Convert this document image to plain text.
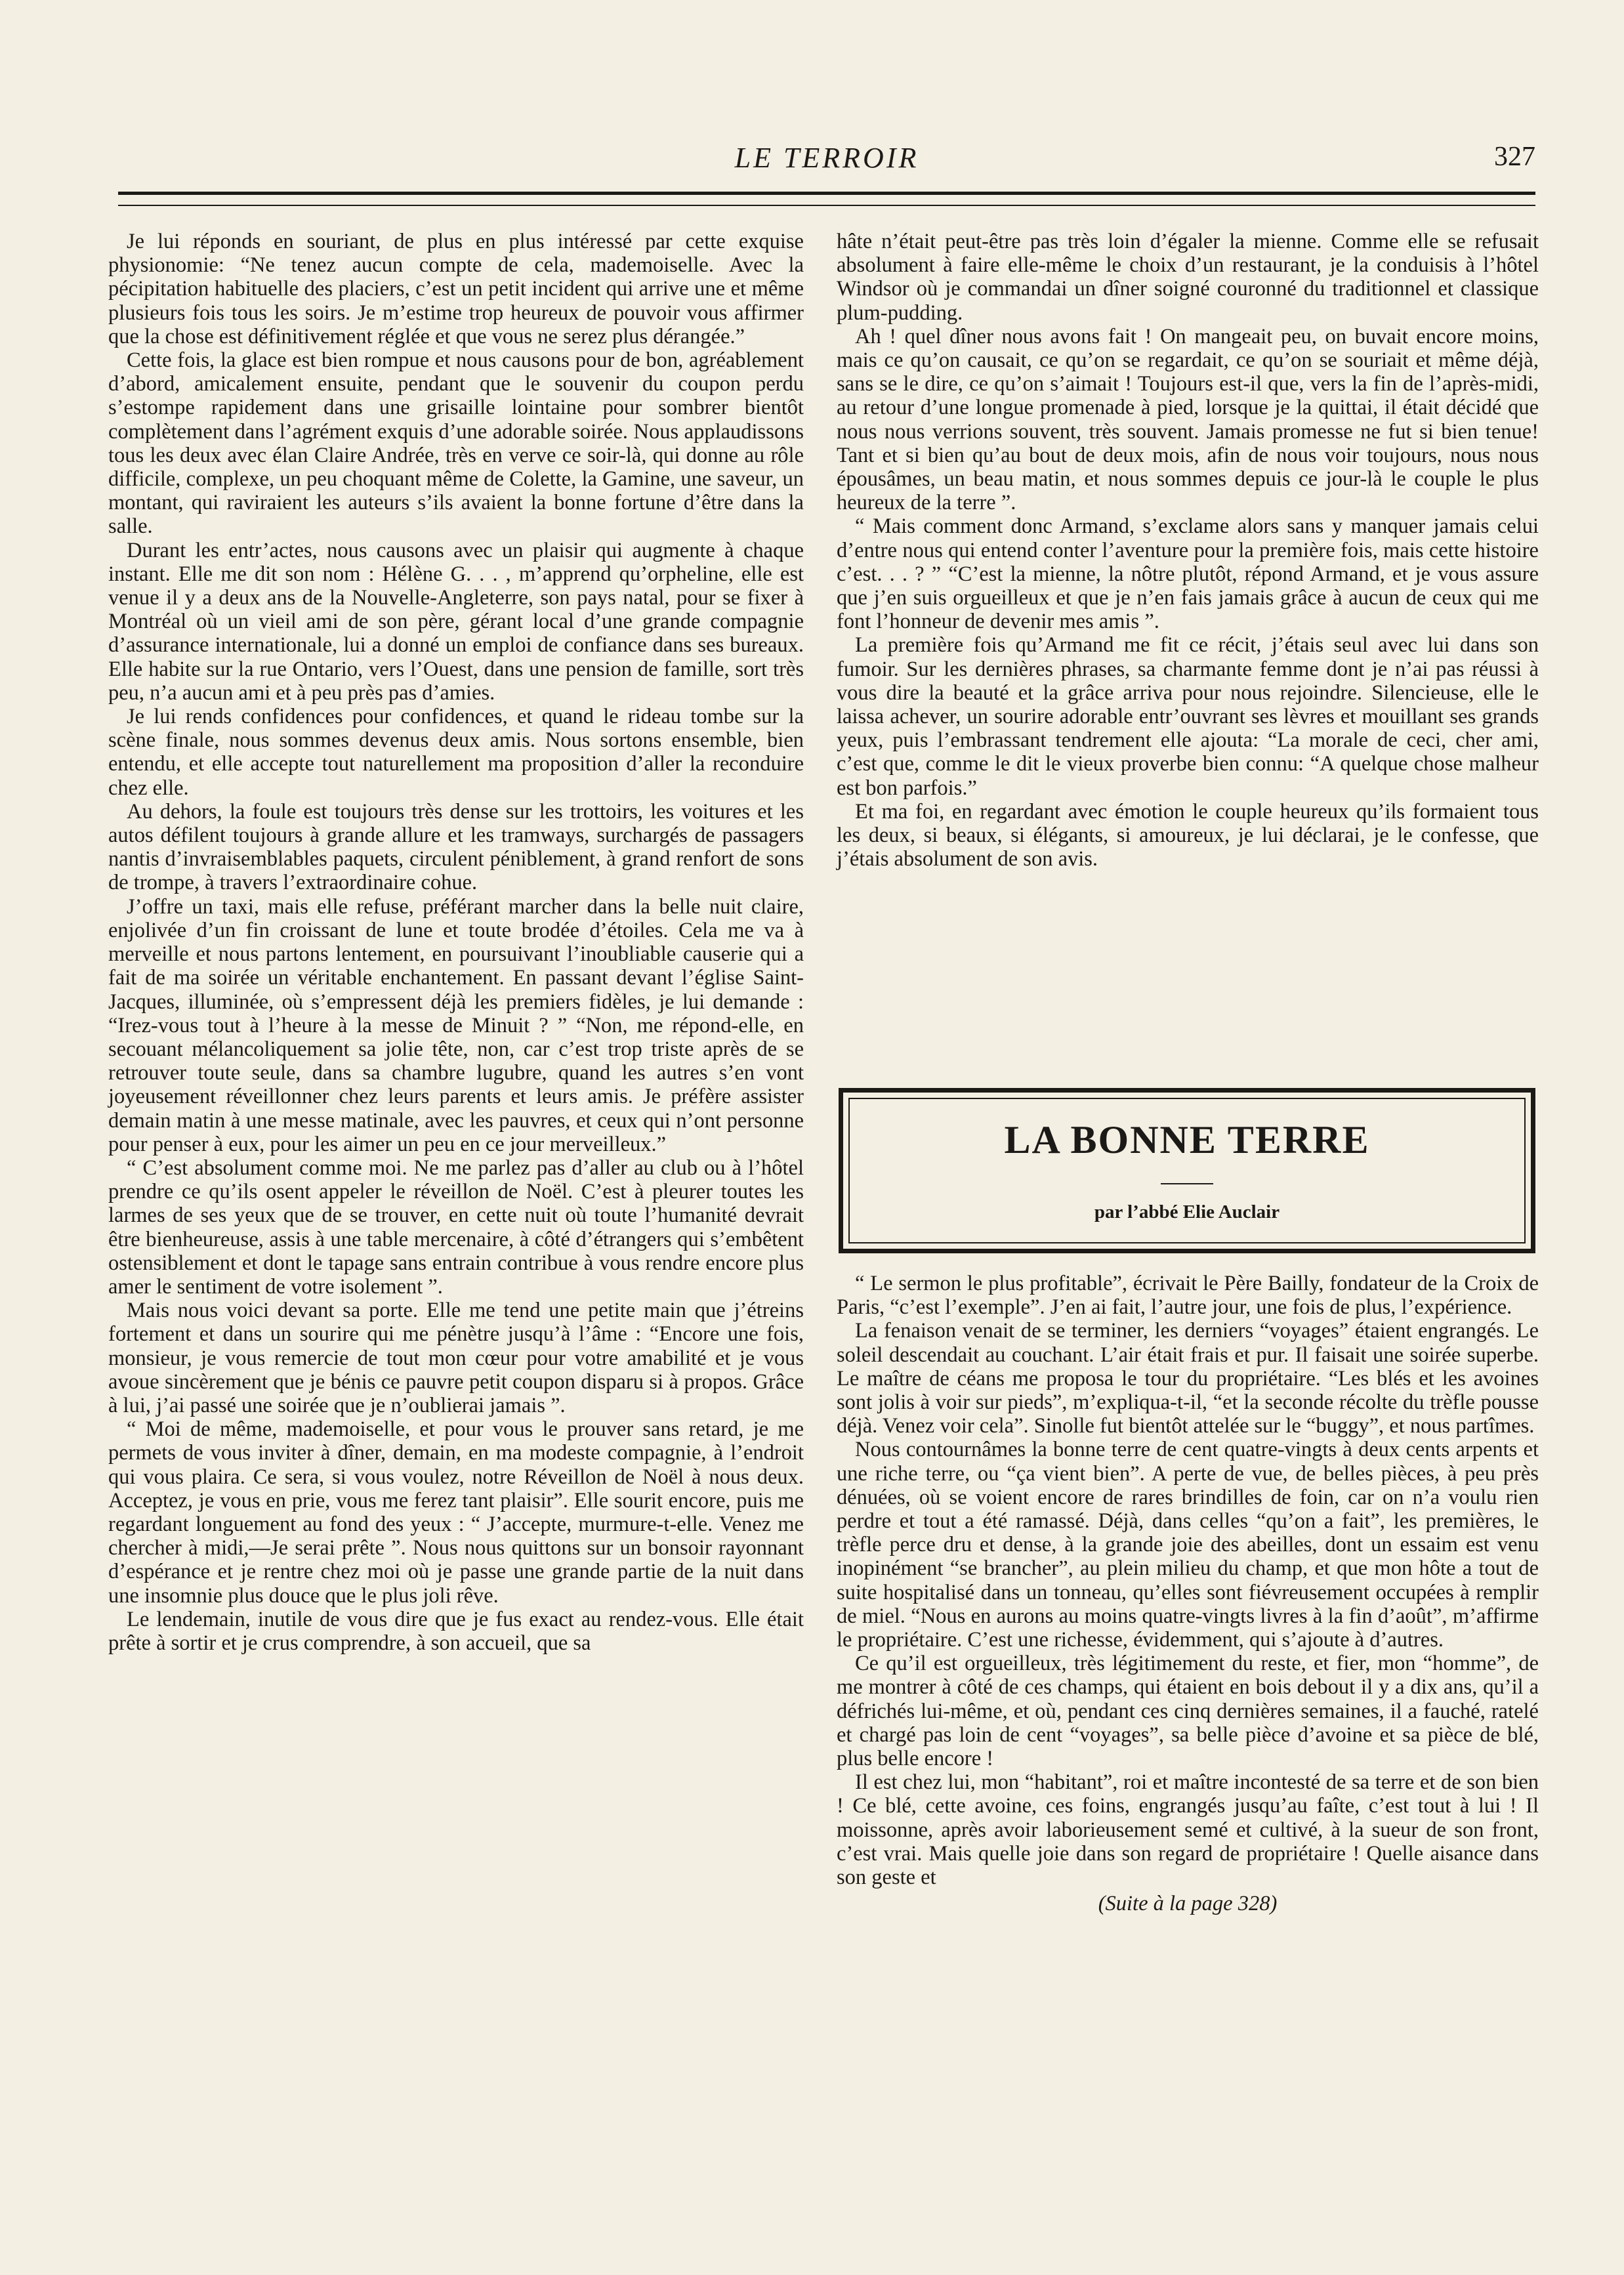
LE TERROIR	327

Je lui réponds en souriant, de plus en plus intéressé par cette exquise physionomie: “Ne tenez aucun compte de cela, mademoiselle. Avec la pécipitation habituelle des placiers, c’est un petit incident qui arrive une et même plusieurs fois tous les soirs. Je m’estime trop heureux de pouvoir vous affirmer que la chose est définitivement réglée et que vous ne serez plus dérangée.”

Cette fois, la glace est bien rompue et nous causons pour de bon, agréablement d’abord, amicalement ensuite, pendant que le souvenir du coupon perdu s’estompe rapidement dans une grisaille lointaine pour sombrer bientôt complètement dans l’agrément exquis d’une adorable soirée. Nous applaudissons tous les deux avec élan Claire Andrée, très en verve ce soir-là, qui donne au rôle difficile, complexe, un peu choquant même de Colette, la Gamine, une saveur, un montant, qui raviraient les auteurs s’ils avaient la bonne fortune d’être dans la salle.

Durant les entr’actes, nous causons avec un plaisir qui augmente à chaque instant. Elle me dit son nom : Hélène G. . . , m’apprend qu’orpheline, elle est venue il y a deux ans de la Nouvelle-Angleterre, son pays natal, pour se fixer à Montréal où un vieil ami de son père, gérant local d’une grande compagnie d’assurance internationale, lui a donné un emploi de confiance dans ses bureaux. Elle habite sur la rue Ontario, vers l’Ouest, dans une pension de famille, sort très peu, n’a aucun ami et à peu près pas d’amies.

Je lui rends confidences pour confidences, et quand le rideau tombe sur la scène finale, nous sommes devenus deux amis. Nous sortons ensemble, bien entendu, et elle accepte tout naturellement ma proposition d’aller la reconduire chez elle.

Au dehors, la foule est toujours très dense sur les trottoirs, les voitures et les autos défilent toujours à grande allure et les tramways, surchargés de passagers nantis d’invraisemblables paquets, circulent péniblement, à grand renfort de sons de trompe, à travers l’extraordinaire cohue.

J’offre un taxi, mais elle refuse, préférant marcher dans la belle nuit claire, enjolivée d’un fin croissant de lune et toute brodée d’étoiles. Cela me va à merveille et nous partons lentement, en poursuivant l’inoubliable causerie qui a fait de ma soirée un véritable enchantement. En passant devant l’église Saint-Jacques, illuminée, où s’empressent déjà les premiers fidèles, je lui demande : “Irez-vous tout à l’heure à la messe de Minuit ? ” “Non, me répond-elle, en secouant mélancoliquement sa jolie tête, non, car c’est trop triste après de se retrouver toute seule, dans sa chambre lugubre, quand les autres s’en vont joyeusement réveillonner chez leurs parents et leurs amis. Je préfère assister demain matin à une messe matinale, avec les pauvres, et ceux qui n’ont personne pour penser à eux, pour les aimer un peu en ce jour merveilleux.”

“ C’est absolument comme moi. Ne me parlez pas d’aller au club ou à l’hôtel prendre ce qu’ils osent appeler le réveillon de Noël. C’est à pleurer toutes les larmes de ses yeux que de se trouver, en cette nuit où toute l’humanité devrait être bienheureuse, assis à une table mercenaire, à côté d’étrangers qui s’embêtent ostensiblement et dont le tapage sans entrain contribue à vous rendre encore plus amer le sentiment de votre isolement ”.

Mais nous voici devant sa porte. Elle me tend une petite main que j’étreins fortement et dans un sourire qui me pénètre jusqu’à l’âme : “Encore une fois, monsieur, je vous remercie de tout mon cœur pour votre amabilité et je vous avoue sincèrement que je bénis ce pauvre petit coupon disparu si à propos. Grâce à lui, j’ai passé une soirée que je n’oublierai jamais ”.

“ Moi de même, mademoiselle, et pour vous le prouver sans retard, je me permets de vous inviter à dîner, demain, en ma modeste compagnie, à l’endroit qui vous plaira. Ce sera, si vous voulez, notre Réveillon de Noël à nous deux. Acceptez, je vous en prie, vous me ferez tant plaisir”. Elle sourit encore, puis me regardant longuement au fond des yeux : “ J’accepte, murmure-t-elle. Venez me chercher à midi,—Je serai prête ”. Nous nous quittons sur un bonsoir rayonnant d’espérance et je rentre chez moi où je passe une grande partie de la nuit dans une insomnie plus douce que le plus joli rêve.

Le lendemain, inutile de vous dire que je fus exact au rendez-vous. Elle était prête à sortir et je crus comprendre, à son accueil, que sa

hâte n’était peut-être pas très loin d’égaler la mienne. Comme elle se refusait absolument à faire elle-même le choix d’un restaurant, je la conduisis à l’hôtel Windsor où je commandai un dîner soigné couronné du traditionnel et classique plum-pudding.

Ah ! quel dîner nous avons fait ! On mangeait peu, on buvait encore moins, mais ce qu’on causait, ce qu’on se regardait, ce qu’on se souriait et même déjà, sans se le dire, ce qu’on s’aimait ! Toujours est-il que, vers la fin de l’après-midi, au retour d’une longue promenade à pied, lorsque je la quittai, il était décidé que nous nous verrions souvent, très souvent. Jamais promesse ne fut si bien tenue! Tant et si bien qu’au bout de deux mois, afin de nous voir toujours, nous nous épousâmes, un beau matin, et nous sommes depuis ce jour-là le couple le plus heureux de la terre ”.

“ Mais comment donc Armand, s’exclame alors sans y manquer jamais celui d’entre nous qui entend conter l’aventure pour la première fois, mais cette histoire c’est. . . ? ” “C’est la mienne, la nôtre plutôt, répond Armand, et je vous assure que j’en suis orgueilleux et que je n’en fais jamais grâce à aucun de ceux qui me font l’honneur de devenir mes amis ”.

La première fois qu’Armand me fit ce récit, j’étais seul avec lui dans son fumoir. Sur les dernières phrases, sa charmante femme dont je n’ai pas réussi à vous dire la beauté et la grâce arriva pour nous rejoindre. Silencieuse, elle le laissa achever, un sourire adorable entr’ouvrant ses lèvres et mouillant ses grands yeux, puis l’embrassant tendrement elle ajouta: “La morale de ceci, cher ami, c’est que, comme le dit le vieux proverbe bien connu: “A quelque chose malheur est bon parfois.”

Et ma foi, en regardant avec émotion le couple heureux qu’ils formaient tous les deux, si beaux, si élégants, si amoureux, je lui déclarai, je le confesse, que j’étais absolument de son avis.

LA BONNE TERRE
par l’abbé Elie Auclair

“ Le sermon le plus profitable”, écrivait le Père Bailly, fondateur de la Croix de Paris, “c’est l’exemple”. J’en ai fait, l’autre jour, une fois de plus, l’expérience.

La fenaison venait de se terminer, les derniers “voyages” étaient engrangés. Le soleil descendait au couchant. L’air était frais et pur. Il faisait une soirée superbe. Le maître de céans me proposa le tour du propriétaire. “Les blés et les avoines sont jolis à voir sur pieds”, m’expliqua-t-il, “et la seconde récolte du trèfle pousse déjà. Venez voir cela”. Sinolle fut bientôt attelée sur le “buggy”, et nous partîmes.

Nous contournâmes la bonne terre de cent quatre-vingts à deux cents arpents et une riche terre, ou “ça vient bien”. A perte de vue, de belles pièces, à peu près dénuées, où se voient encore de rares brindilles de foin, car on n’a voulu rien perdre et tout a été ramassé. Déjà, dans celles “qu’on a fait”, les premières, le trèfle perce dru et dense, à la grande joie des abeilles, dont un essaim est venu inopinément “se brancher”, au plein milieu du champ, et que mon hôte a tout de suite hospitalisé dans un tonneau, qu’elles sont fiévreusement occupées à remplir de miel. “Nous en aurons au moins quatre-vingts livres à la fin d’août”, m’affirme le propriétaire. C’est une richesse, évidemment, qui s’ajoute à d’autres.

Ce qu’il est orgueilleux, très légitimement du reste, et fier, mon “homme”, de me montrer à côté de ces champs, qui étaient en bois debout il y a dix ans, qu’il a défrichés lui-même, et où, pendant ces cinq dernières semaines, il a fauché, ratelé et chargé pas loin de cent “voyages”, sa belle pièce d’avoine et sa pièce de blé, plus belle encore !

Il est chez lui, mon “habitant”, roi et maître incontesté de sa terre et de son bien ! Ce blé, cette avoine, ces foins, engrangés jusqu’au faîte, c’est tout à lui ! Il moissonne, après avoir laborieusement semé et cultivé, à la sueur de son front, c’est vrai. Mais quelle joie dans son regard de propriétaire ! Quelle aisance dans son geste et

(Suite à la page 328)
